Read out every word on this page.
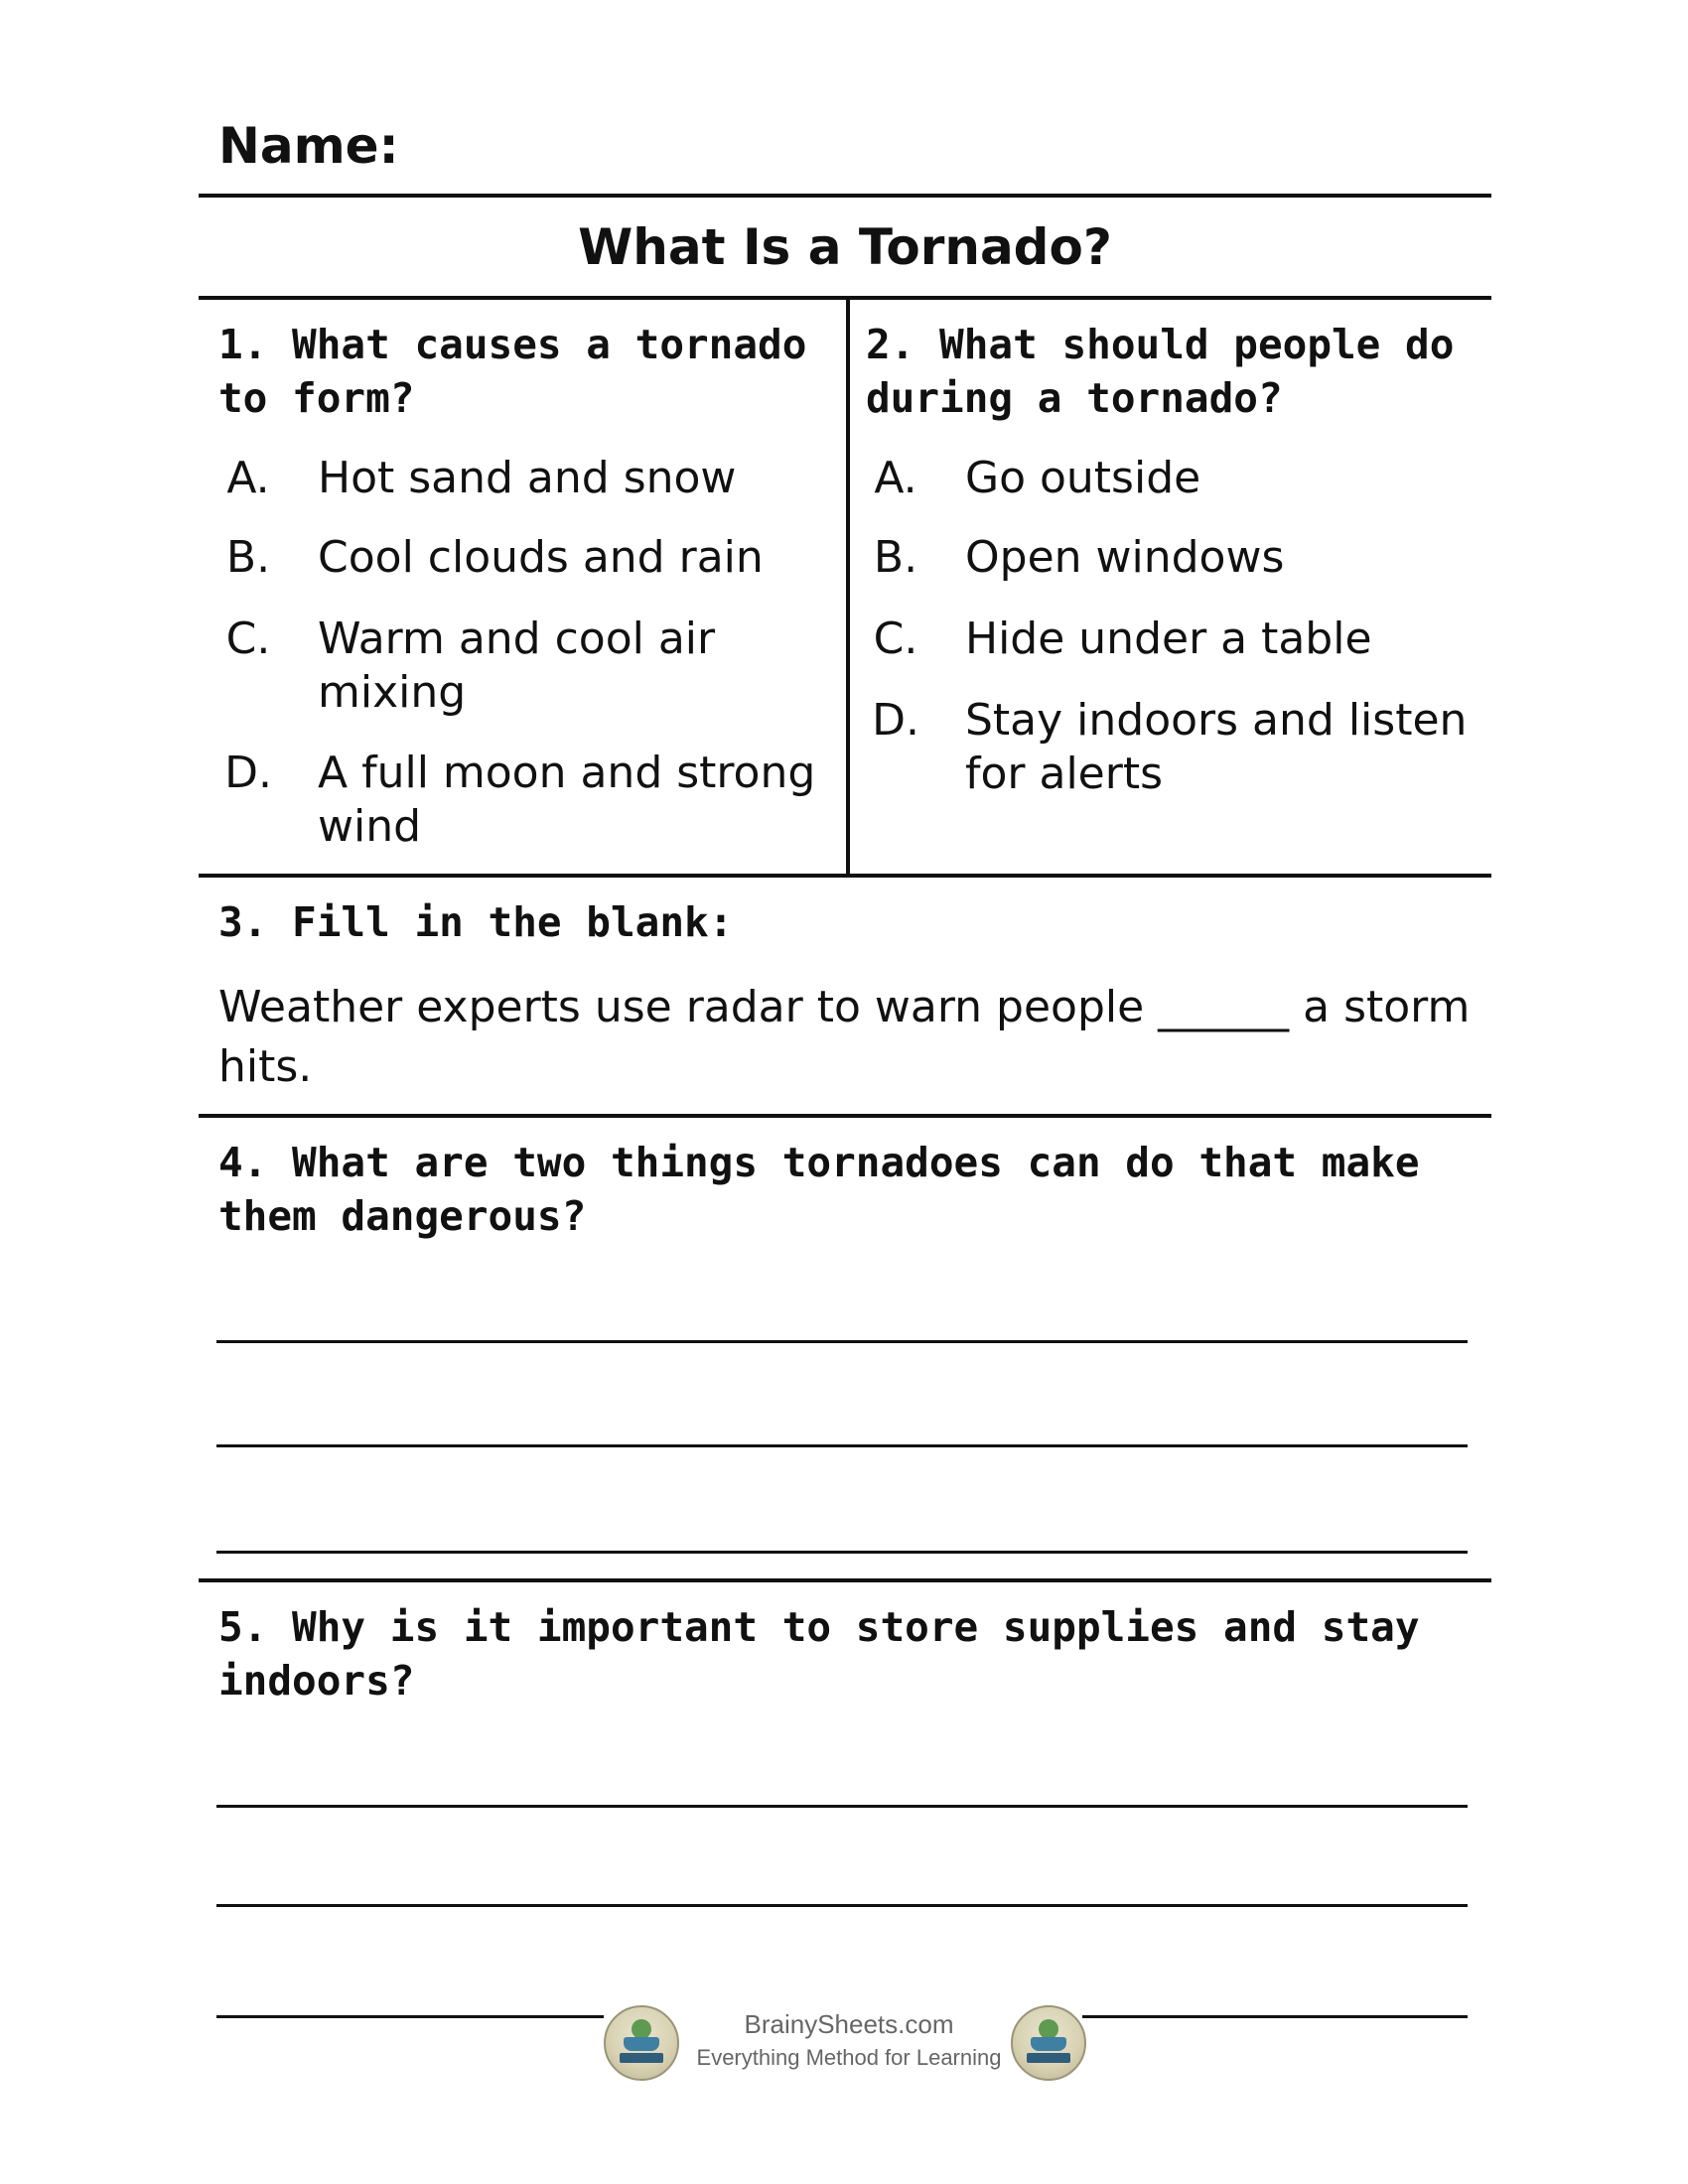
Name:
What Is a Tornado?
1. What causes a tornado
to form?
A. Hot sand and snow
B. Cool clouds and rain
C. Warm and cool air
mixing
D. A full moon and strong
wind
2. What should people do
during a tornado?
A. Go outside
B. Open windows
C. Hide under a table
D. Stay indoors and listen
for alerts
3. Fill in the blank:
Weather experts use radar to warn people ______ a storm
hits.
4. What are two things tornadoes can do that make
them dangerous?
5. Why is it important to store supplies and stay
indoors?
BrainySheets.com
Everything Method for Learning
